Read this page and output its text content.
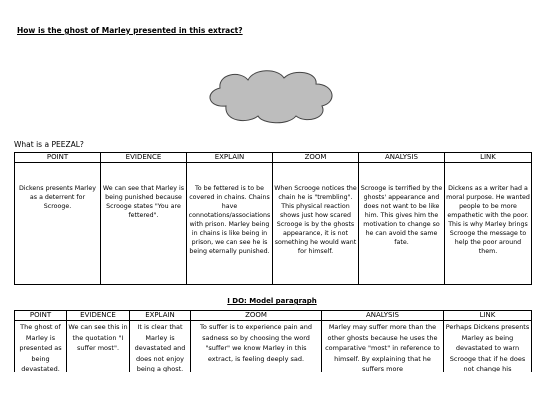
How is the ghost of Marley presented in this extract?
What is a PEEZAL?
POINT	EVIDENCE	EXPLAIN	ZOOM	ANALYSIS	LINK
Dickens presents Marley as a deterrent for Scrooge.	We can see that Marley is being punished because Scrooge states "You are fettered".	To be fettered is to be covered in chains. Chains have connotations/associations with prison. Marley being in chains is like being in prison, we can see he is being eternally punished.	When Scrooge notices the chain he is "trembling". This physical reaction shows just how scared Scrooge is by the ghosts appearance, it is not something he would want for himself.	Scrooge is terrified by the ghosts' appearance and does not want to be like him. This gives him the motivation to change so he can avoid the same fate.	Dickens as a writer had a moral purpose. He wanted people to be more empathetic with the poor. This is why Marley brings Scrooge the message to help the poor around them.
I DO: Model paragraph
POINT	EVIDENCE	EXPLAIN	ZOOM	ANALYSIS	LINK
The ghost of Marley is presented as being devastated.	We can see this in the quotation "I suffer most".	It is clear that Marley is devastated and does not enjoy being a ghost.	To suffer is to experience pain and sadness so by choosing the word "suffer" we know Marley in this extract, is feeling deeply sad.	Marley may suffer more than the other ghosts because he uses the comparative "most" in reference to himself. By explaining that he suffers more	Perhaps Dickens presents Marley as being devastated to warn Scrooge that if he does not change his
